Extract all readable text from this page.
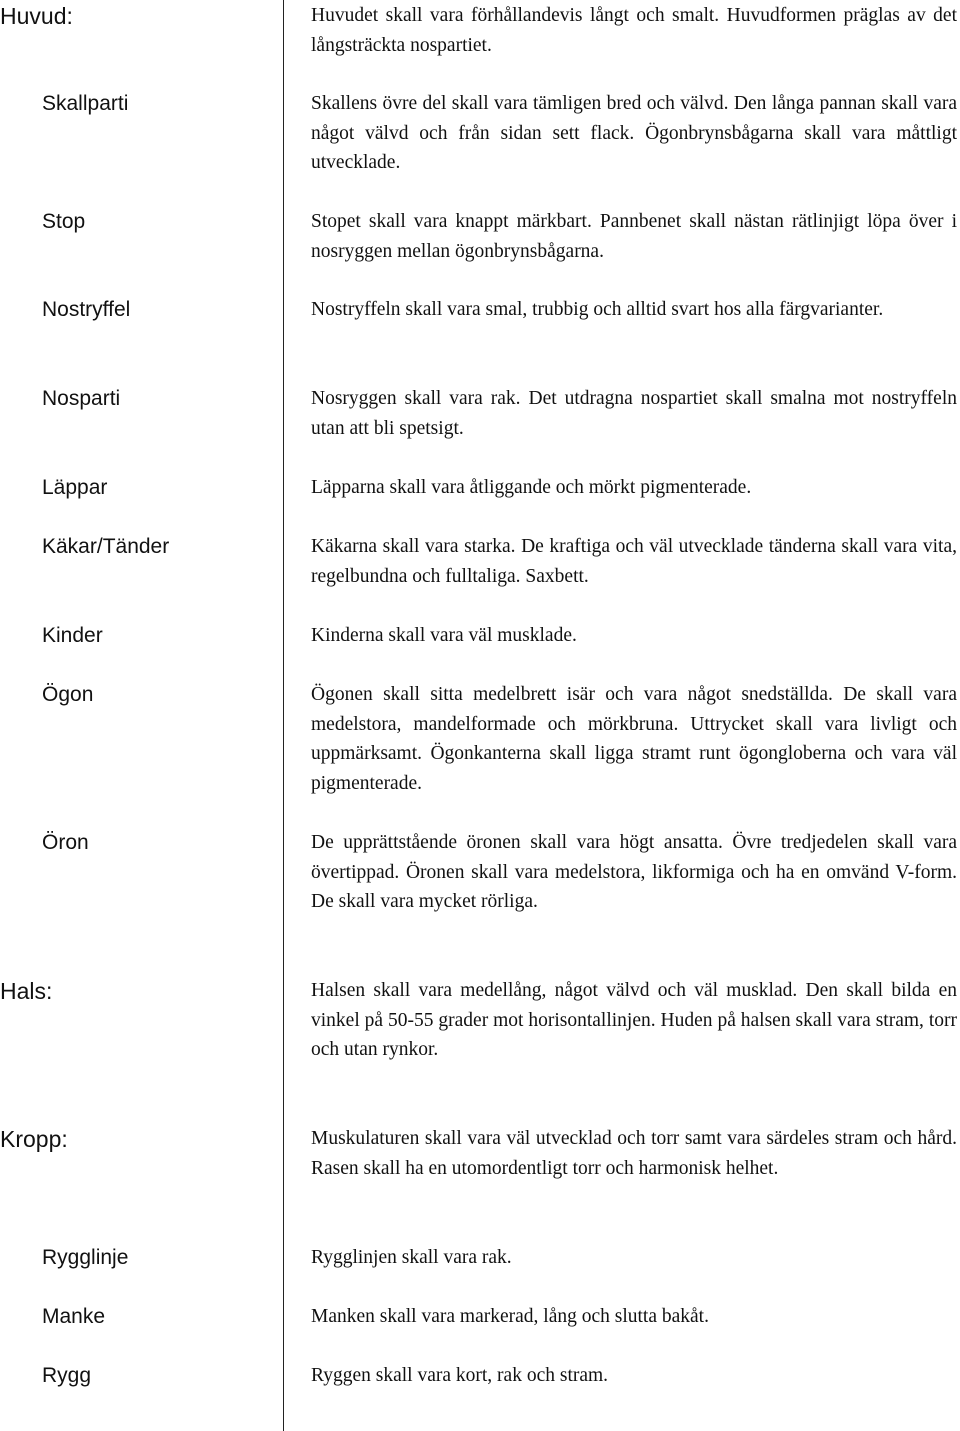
Huvud:	Huvudet skall vara förhållandevis långt och smalt. Huvudformen präglas av det långsträckta nospartiet.

Skallparti	Skallens övre del skall vara tämligen bred och välvd. Den långa pannan skall vara något välvd och från sidan sett flack. Ögonbrynsbågarna skall vara måttligt utvecklade.

Stop	Stopet skall vara knappt märkbart. Pannbenet skall nästan rätlinjigt löpa över i nosryggen mellan ögonbrynsbågarna.

Nostryffel	Nostryffeln skall vara smal, trubbig och alltid svart hos alla färgvarianter.

Nosparti	Nosryggen skall vara rak. Det utdragna nospartiet skall smalna mot nostryffeln utan att bli spetsigt.

Läppar	Läpparna skall vara åtliggande och mörkt pigmenterade.

Käkar/Tänder	Käkarna skall vara starka. De kraftiga och väl utvecklade tänderna skall vara vita, regelbundna och fulltaliga. Saxbett.

Kinder	Kinderna skall vara väl musklade.

Ögon	Ögonen skall sitta medelbrett isär och vara något snedställda. De skall vara medelstora, mandelformade och mörkbruna. Uttrycket skall vara livligt och uppmärksamt. Ögonkanterna skall ligga stramt runt ögongloberna och vara väl pigmenterade.

Öron	De upprättstående öronen skall vara högt ansatta. Övre tredjedelen skall vara övertippad. Öronen skall vara medelstora, likformiga och ha en omvänd V-form. De skall vara mycket rörliga.

Hals:	Halsen skall vara medellång, något välvd och väl musklad. Den skall bilda en vinkel på 50-55 grader mot horisontallinjen. Huden på halsen skall vara stram, torr och utan rynkor.

Kropp:	Muskulaturen skall vara väl utvecklad och torr samt vara särdeles stram och hård. Rasen skall ha en utomordentligt torr och harmonisk helhet.

Rygglinje	Rygglinjen skall vara rak.

Manke	Manken skall vara markerad, lång och slutta bakåt.

Rygg	Ryggen skall vara kort, rak och stram.
